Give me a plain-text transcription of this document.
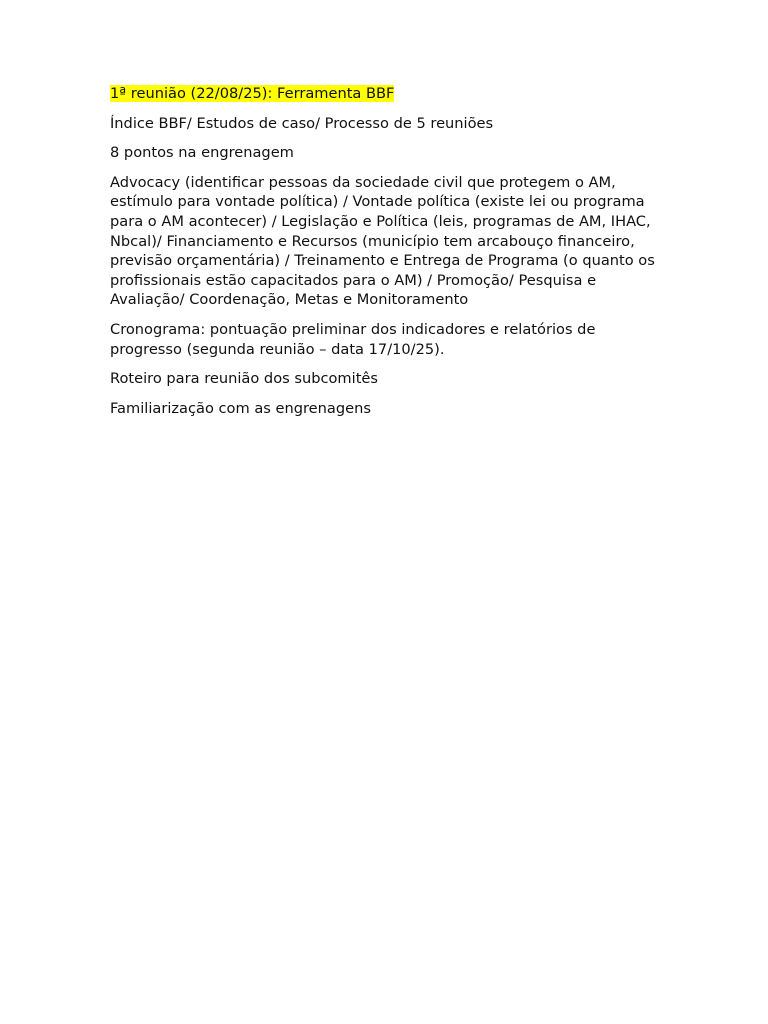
1ª reunião (22/08/25): Ferramenta BBF

Índice BBF/ Estudos de caso/ Processo de 5 reuniões

8 pontos na engrenagem

Advocacy (identificar pessoas da sociedade civil que protegem o AM, estímulo para vontade política) / Vontade política (existe lei ou programa para o AM acontecer) / Legislação e Política (leis, programas de AM, IHAC, Nbcal)/ Financiamento e Recursos (município tem arcabouço financeiro, previsão orçamentária) / Treinamento e Entrega de Programa (o quanto os profissionais estão capacitados para o AM) / Promoção/ Pesquisa e Avaliação/ Coordenação, Metas e Monitoramento

Cronograma: pontuação preliminar dos indicadores e relatórios de progresso (segunda reunião – data 17/10/25).

Roteiro para reunião dos subcomitês

Familiarização com as engrenagens
